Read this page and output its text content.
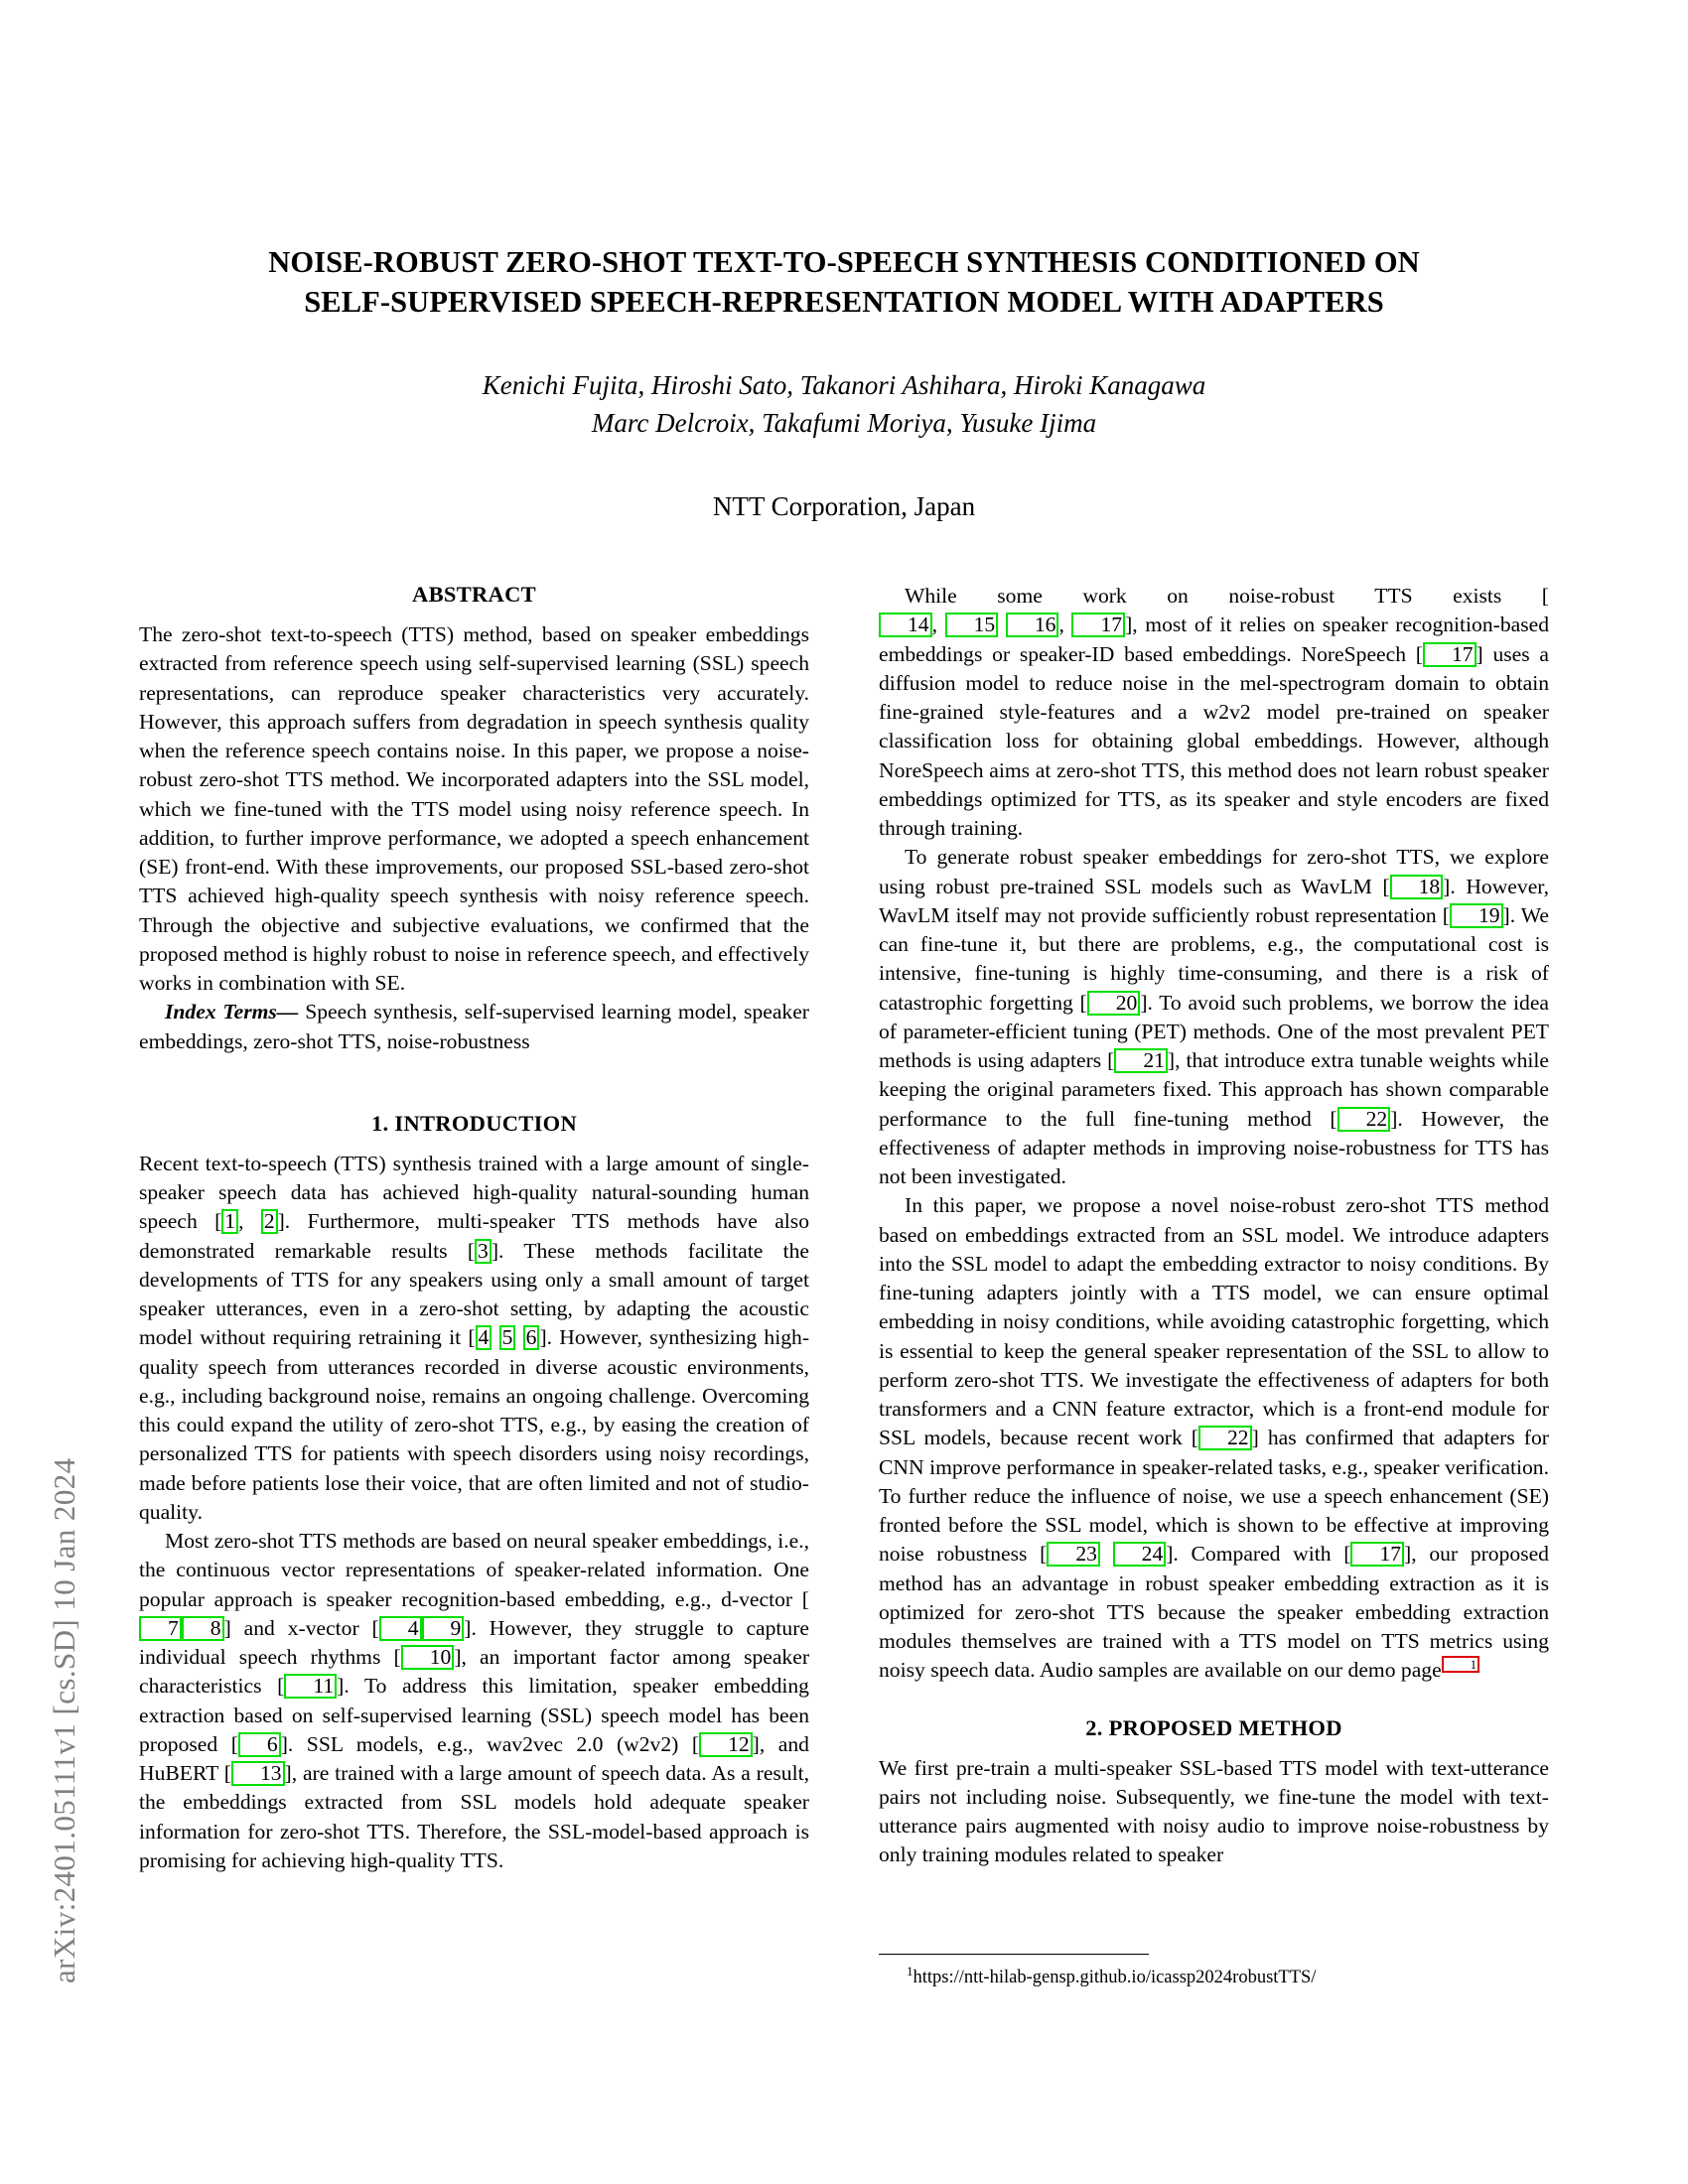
arXiv:2401.05111v1 [cs.SD] 10 Jan 2024
NOISE-ROBUST ZERO-SHOT TEXT-TO-SPEECH SYNTHESIS CONDITIONED ON
SELF-SUPERVISED SPEECH-REPRESENTATION MODEL WITH ADAPTERS
Kenichi Fujita, Hiroshi Sato, Takanori Ashihara, Hiroki Kanagawa
Marc Delcroix, Takafumi Moriya, Yusuke Ijima
NTT Corporation, Japan
ABSTRACT

The zero-shot text-to-speech (TTS) method, based on speaker embeddings extracted from reference speech using self-supervised learning (SSL) speech representations, can reproduce speaker characteristics very accurately. However, this approach suffers from degradation in speech synthesis quality when the reference speech contains noise. In this paper, we propose a noise-robust zero-shot TTS method. We incorporated adapters into the SSL model, which we fine-tuned with the TTS model using noisy reference speech. In addition, to further improve performance, we adopted a speech enhancement (SE) front-end. With these improvements, our proposed SSL-based zero-shot TTS achieved high-quality speech synthesis with noisy reference speech. Through the objective and subjective evaluations, we confirmed that the proposed method is highly robust to noise in reference speech, and effectively works in combination with SE.

Index Terms— Speech synthesis, self-supervised learning model, speaker embeddings, zero-shot TTS, noise-robustness

1. INTRODUCTION

Recent text-to-speech (TTS) synthesis trained with a large amount of single-speaker speech data has achieved high-quality natural-sounding human speech [ 1 , 2 ]. Furthermore, multi-speaker TTS methods have also demonstrated remarkable results [ 3 ]. These methods facilitate the developments of TTS for any speakers using only a small amount of target speaker utterances, even in a zero-shot setting, by adapting the acoustic model without requiring retraining it [ 4 5 6 ]. However, synthesizing high-quality speech from utterances recorded in diverse acoustic environments, e.g., including background noise, remains an ongoing challenge. Overcoming this could expand the utility of zero-shot TTS, e.g., by easing the creation of personalized TTS for patients with speech disorders using noisy recordings, made before patients lose their voice, that are often limited and not of studio-quality.

Most zero-shot TTS methods are based on neural speaker embeddings, i.e., the continuous vector representations of speaker-related information. One popular approach is speaker recognition-based embedding, e.g., d-vector [7 8 ] and x-vector [ 4 9 ]. However, they struggle to capture individual speech rhythms [ 10 ], an important factor among speaker characteristics [ 11 ]. To address this limitation, speaker embedding extraction based on self-supervised learning (SSL) speech model has been proposed [ 6 ]. SSL models, e.g., wav2vec 2.0 (w2v2) [ 12 ], and HuBERT [ 13 ], are trained with a large amount of speech data. As a result, the embeddings extracted from SSL models hold adequate speaker information for zero-shot TTS. Therefore, the SSL-model-based approach is promising for achieving high-quality TTS.

While some work on noise-robust TTS exists [14 , 15 16 , 17 ], most of it relies on speaker recognition-based embeddings or speaker-ID based embeddings. NoreSpeech [ 17 ] uses a diffusion model to reduce noise in the mel-spectrogram domain to obtain fine-grained style-features and a w2v2 model pre-trained on speaker classification loss for obtaining global embeddings. However, although NoreSpeech aims at zero-shot TTS, this method does not learn robust speaker embeddings optimized for TTS, as its speaker and style encoders are fixed through training.

To generate robust speaker embeddings for zero-shot TTS, we explore using robust pre-trained SSL models such as WavLM [ 18 ]. However, WavLM itself may not provide sufficiently robust representation [ 19 ]. We can fine-tune it, but there are problems, e.g., the computational cost is intensive, fine-tuning is highly time-consuming, and there is a risk of catastrophic forgetting [ 20 ]. To avoid such problems, we borrow the idea of parameter-efficient tuning (PET) methods. One of the most prevalent PET methods is using adapters [ 21 ], that introduce extra tunable weights while keeping the original parameters fixed. This approach has shown comparable performance to the full fine-tuning method [ 22 ]. However, the effectiveness of adapter methods in improving noise-robustness for TTS has not been investigated.

In this paper, we propose a novel noise-robust zero-shot TTS method based on embeddings extracted from an SSL model. We introduce adapters into the SSL model to adapt the embedding extractor to noisy conditions. By fine-tuning adapters jointly with a TTS model, we can ensure optimal embedding in noisy conditions, while avoiding catastrophic forgetting, which is essential to keep the general speaker representation of the SSL to allow to perform zero-shot TTS. We investigate the effectiveness of adapters for both transformers and a CNN feature extractor, which is a front-end module for SSL models, because recent work [ 22 ] has confirmed that adapters for CNN improve performance in speaker-related tasks, e.g., speaker verification. To further reduce the influence of noise, we use a speech enhancement (SE) fronted before the SSL model, which is shown to be effective at improving noise robustness [ 23 24 ]. Compared with [ 17 ], our proposed method has an advantage in robust speaker embedding extraction as it is optimized for zero-shot TTS because the speaker embedding extraction modules themselves are trained with a TTS model on TTS metrics using noisy speech data. Audio samples are available on our demo page 1

2. PROPOSED METHOD

We first pre-train a multi-speaker SSL-based TTS model with text-utterance pairs not including noise. Subsequently, we fine-tune the model with text-utterance pairs augmented with noisy audio to improve noise-robustness by only training modules related to speaker

$^1$https://ntt-hilab-gensp.github.io/icassp2024robustTTS/
